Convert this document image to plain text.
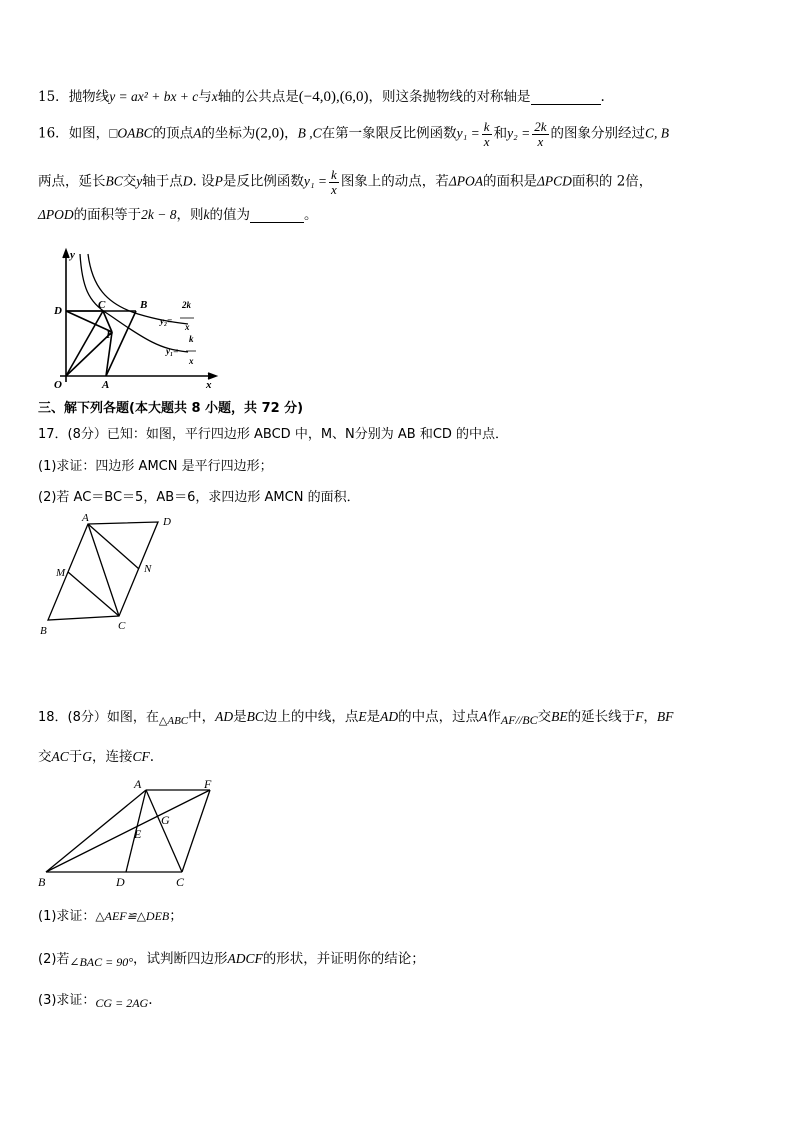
15．抛物线y = ax² + bx + c与x轴的公共点是(−4,0),(6,0)，则这条抛物线的对称轴是	.
16．如图，□OABC的顶点A的坐标为(2,0)，B ,C在第一象限反比例函数$y_1 = \frac{k}{x}$ 和$y_2 = \frac{2k}{x}$ 的图象分别经过C, B
两点，延长BC交y轴于点D. 设P是反比例函数$y_1 = \frac{k}{x}$ 图象上的动点，若ΔPOA的面积是ΔPCD面积的 2倍，
ΔPOD的面积等于2k − 8，则k的值为	。
y
x
O	A
D	C	B
P
y₂=
2k
x
y₁=
k
x
三、解下列各题(本大题共 8 小题，共 72 分)
17．(8分）已知：如图，平行四边形 ABCD 中，M、N分别为 AB 和CD 的中点．
(1)求证：四边形 AMCN 是平行四边形；
(2)若 AC＝BC＝5，AB＝6，求四边形 AMCN 的面积．
A	D
M	N
B	C
18．(8分）如图，在$_{\triangle ABC}$中，AD是BC边上的中线，点E是AD的中点，过点A作AF//BC交BE的延长线于F，BF
交AC于G，连接CF.
A	F
G
E
B	D	C
(1)求证：△AEF≌△DEB；
(2)若∠BAC = 90°，试判断四边形ADCF的形状，并证明你的结论；
(3)求证：CG = 2AG.
